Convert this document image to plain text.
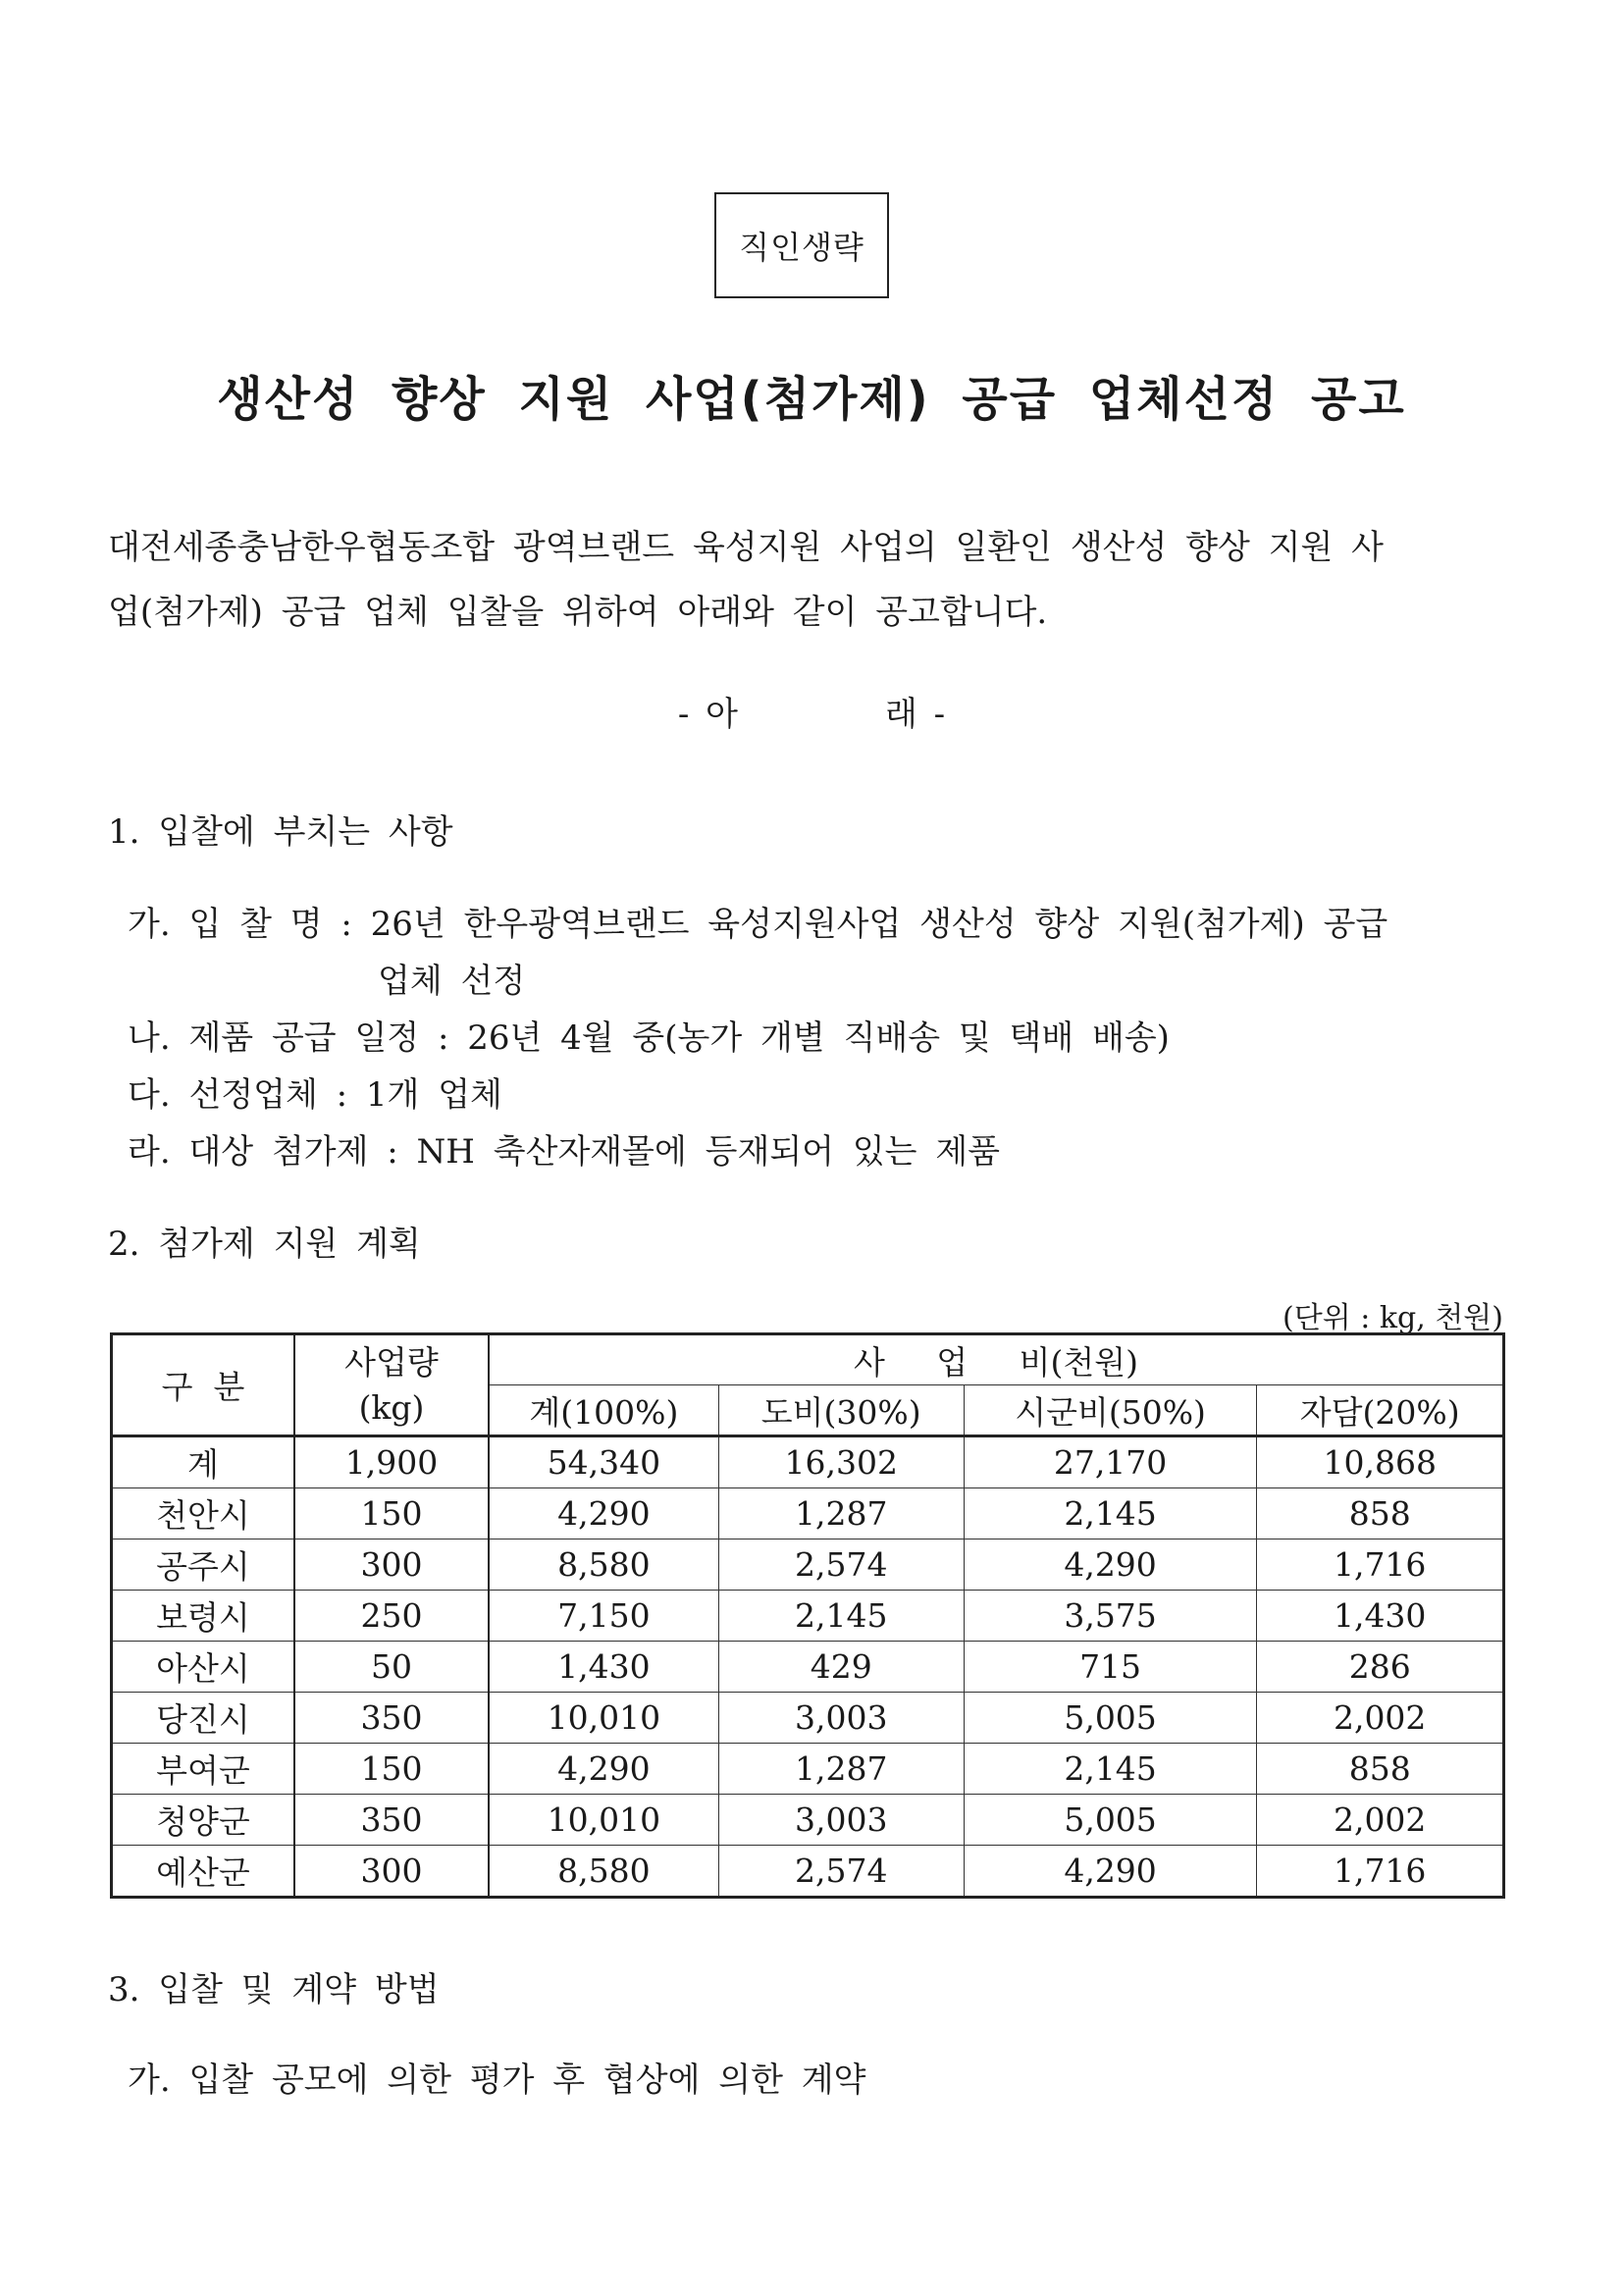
직인생략
생산성 향상 지원 사업(첨가제) 공급 업체선정 공고
대전세종충남한우협동조합 광역브랜드 육성지원 사업의 일환인 생산성 향상 지원 사
업(첨가제) 공급 업체 입찰을 위하여 아래와 같이 공고합니다.
- 아	래 -
1. 입찰에 부치는 사항
가. 입 찰 명 : 26년 한우광역브랜드 육성지원사업 생산성 향상 지원(첨가제) 공급
업체 선정
나. 제품 공급 일정 : 26년 4월 중(농가 개별 직배송 및 택배 배송)
다. 선정업체 : 1개 업체
라. 대상 첨가제 : NH 축산자재몰에 등재되어 있는 제품
2. 첨가제 지원 계획
(단위 : kg, 천원)
구  분	사업량
(kg)	사     업     비(천원)			
		계(100%)	도비(30%)	시군비(50%)	자담(20%)
계	1,900	54,340	16,302	27,170	10,868
천안시	150	4,290	1,287	2,145	858
공주시	300	8,580	2,574	4,290	1,716
보령시	250	7,150	2,145	3,575	1,430
아산시	50	1,430	429	715	286
당진시	350	10,010	3,003	5,005	2,002
부여군	150	4,290	1,287	2,145	858
청양군	350	10,010	3,003	5,005	2,002
예산군	300	8,580	2,574	4,290	1,716
3. 입찰 및 계약 방법
가. 입찰 공모에 의한 평가 후 협상에 의한 계약
